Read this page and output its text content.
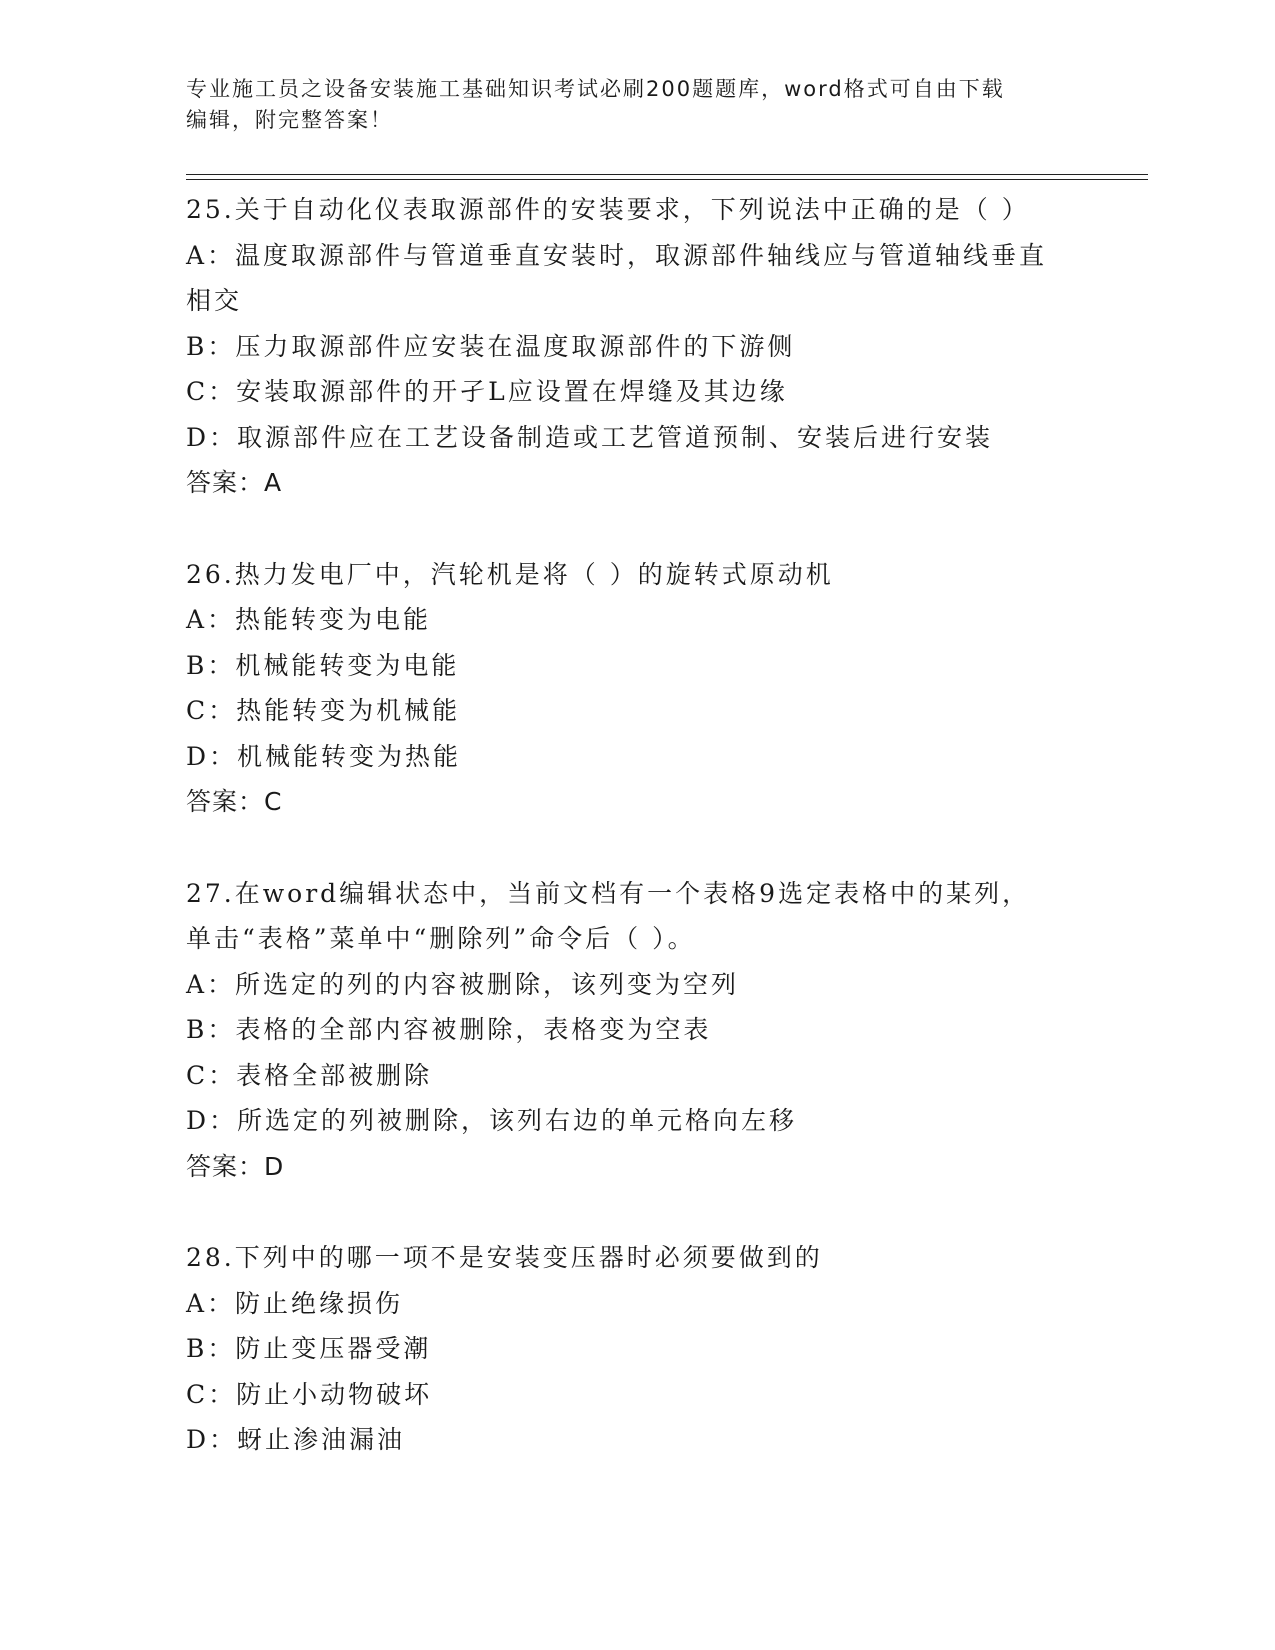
专业施工员之设备安装施工基础知识考试必刷200题题库，word格式可自由下载
编辑，附完整答案！
25.关于自动化仪表取源部件的安装要求，下列说法中正确的是（ ）
A：温度取源部件与管道垂直安装时，取源部件轴线应与管道轴线垂直
相交
B：压力取源部件应安装在温度取源部件的下游侧
C：安装取源部件的开孑L应设置在焊缝及其边缘
D：取源部件应在工艺设备制造或工艺管道预制、安装后进行安装
答案：A
26.热力发电厂中，汽轮机是将（ ）的旋转式原动机
A：热能转变为电能
B：机械能转变为电能
C：热能转变为机械能
D：机械能转变为热能
答案：C
27.在word编辑状态中，当前文档有一个表格9选定表格中的某列，
单击“表格”菜单中“删除列”命令后（ ）。
A：所选定的列的内容被删除，该列变为空列
B：表格的全部内容被删除，表格变为空表
C：表格全部被删除
D：所选定的列被删除，该列右边的单元格向左移
答案：D
28.下列中的哪一项不是安装变压器时必须要做到的
A：防止绝缘损伤
B：防止变压器受潮
C：防止小动物破坏
D：蚜止渗油漏油
